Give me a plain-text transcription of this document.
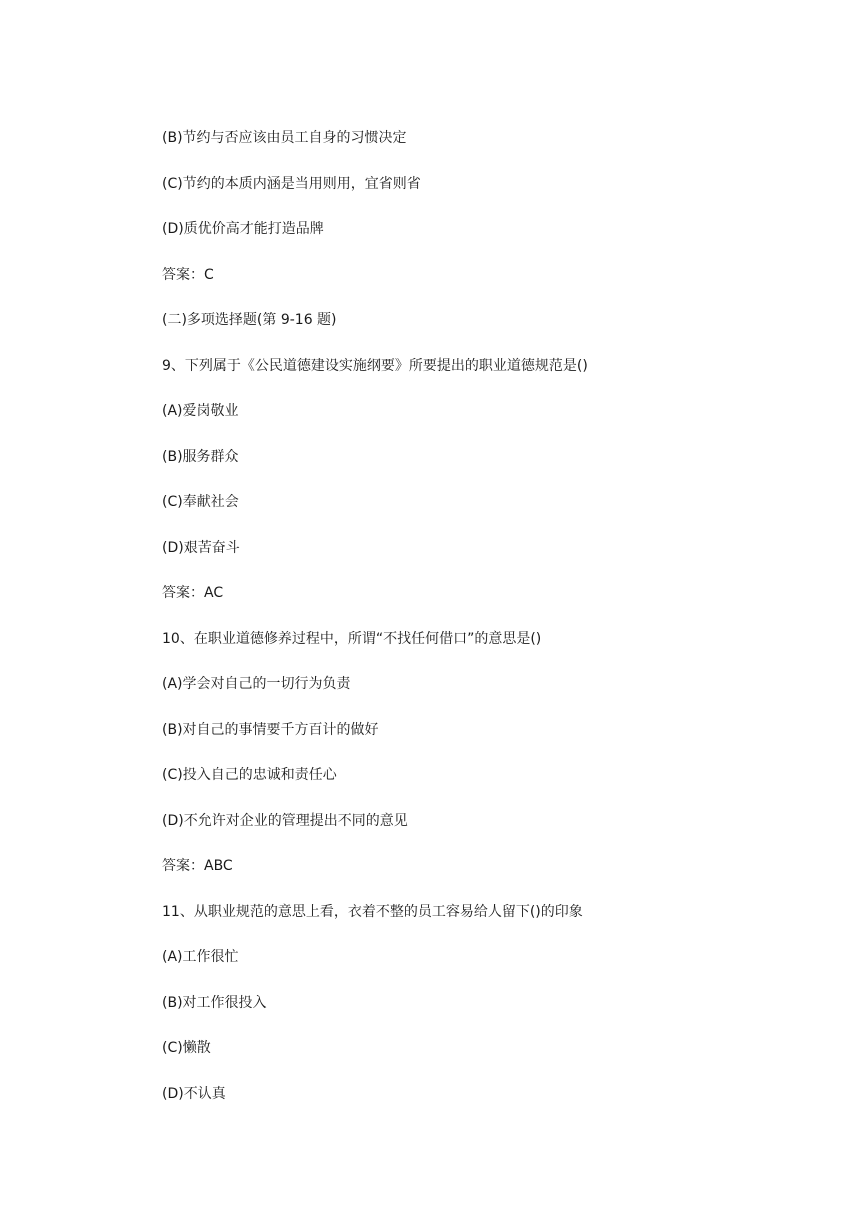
(B)节约与否应该由员工自身的习惯决定
(C)节约的本质内涵是当用则用，宜省则省
(D)质优价高才能打造品牌
答案：C
(二)多项选择题(第 9-16 题)
9、下列属于《公民道德建设实施纲要》所要提出的职业道德规范是()
(A)爱岗敬业
(B)服务群众
(C)奉献社会
(D)艰苦奋斗
答案：AC
10、在职业道德修养过程中，所谓“不找任何借口”的意思是()
(A)学会对自己的一切行为负责
(B)对自己的事情要千方百计的做好
(C)投入自己的忠诚和责任心
(D)不允许对企业的管理提出不同的意见
答案：ABC
11、从职业规范的意思上看，衣着不整的员工容易给人留下()的印象
(A)工作很忙
(B)对工作很投入
(C)懒散
(D)不认真
